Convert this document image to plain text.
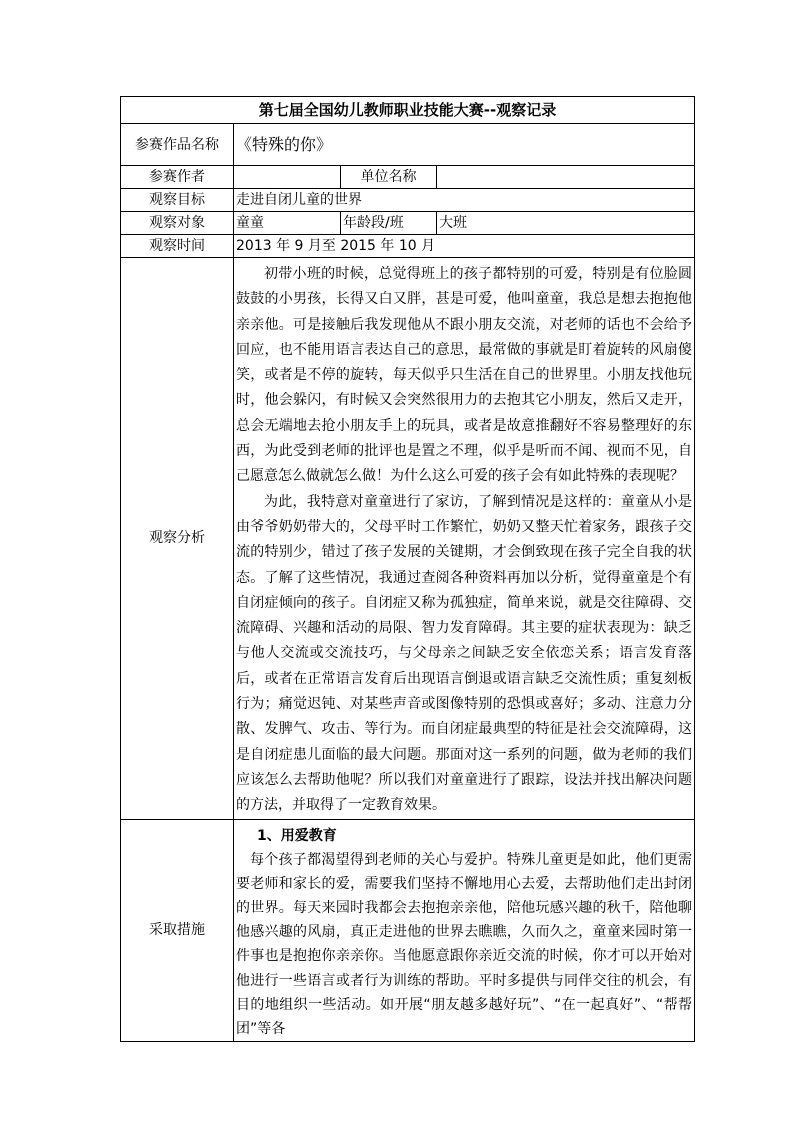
第七届全国幼儿教师职业技能大赛--观察记录			
参赛作品名称	《特殊的你》		
参赛作者		单位名称	
观察目标	走进自闭儿童的世界		
观察对象	童童	年龄段/班	大班
观察时间	2013 年 9 月至 2015 年 10 月		
观察分析	初带小班的时候，总觉得班上的孩子都特别的可爱，特别是有位脸圆鼓鼓的小男孩，长得又白又胖，甚是可爱，他叫童童，我总是想去抱抱他亲亲他。可是接触后我发现他从不跟小朋友交流，对老师的话也不会给予回应，也不能用语言表达自己的意思，最常做的事就是盯着旋转的风扇傻笑，或者是不停的旋转，每天似乎只生活在自己的世界里。小朋友找他玩时，他会躲闪，有时候又会突然很用力的去抱其它小朋友，然后又走开，总会无端地去抢小朋友手上的玩具，或者是故意推翻好不容易整理好的东西，为此受到老师的批评也是置之不理，似乎是听而不闻、视而不见，自己愿意怎么做就怎么做！为什么这么可爱的孩子会有如此特殊的表现呢？

为此，我特意对童童进行了家访，了解到情况是这样的：童童从小是由爷爷奶奶带大的，父母平时工作繁忙，奶奶又整天忙着家务，跟孩子交流的特别少，错过了孩子发展的关键期，才会倒致现在孩子完全自我的状态。了解了这些情况，我通过查阅各种资料再加以分析，觉得童童是个有自闭症倾向的孩子。自闭症又称为孤独症，简单来说，就是交往障碍、交流障碍、兴趣和活动的局限、智力发育障碍。其主要的症状表现为：缺乏与他人交流或交流技巧，与父母亲之间缺乏安全依恋关系；语言发育落后，或者在正常语言发育后出现语言倒退或语言缺乏交流性质；重复刻板行为；痛觉迟钝、对某些声音或图像特别的恐惧或喜好；多动、注意力分散、发脾气、攻击、等行为。而自闭症最典型的特征是社会交流障碍，这是自闭症患儿面临的最大问题。那面对这一系列的问题，做为老师的我们应该怎么去帮助他呢？所以我们对童童进行了跟踪，设法并找出解决问题的方法，并取得了一定教育效果。		

采取措施	1、用爱教育

每个孩子都渴望得到老师的关心与爱护。特殊儿童更是如此，他们更需要老师和家长的爱，需要我们坚持不懈地用心去爱，去帮助他们走出封闭的世界。每天来园时我都会去抱抱亲亲他，陪他玩感兴趣的秋千，陪他聊他感兴趣的风扇，真正走进他的世界去瞧瞧，久而久之，童童来园时第一件事也是抱抱你亲亲你。当他愿意跟你亲近交流的时候，你才可以开始对他进行一些语言或者行为训练的帮助。平时多提供与同伴交往的机会，有目的地组织一些活动。如开展“朋友越多越好玩”、“在一起真好”、“帮帮团”等各		
